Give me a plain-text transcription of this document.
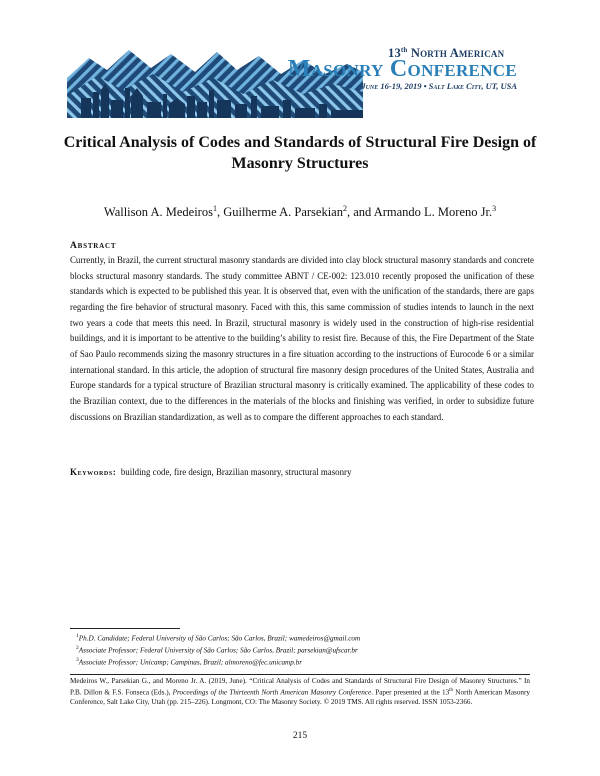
13th North American
Masonry Conference
June 16-19, 2019 • Salt Lake City, UT, USA
Critical Analysis of Codes and Standards of Structural Fire Design of Masonry Structures
Wallison A. Medeiros$^1$, Guilherme A. Parsekian$^2$, and Armando L. Moreno Jr.$^3$
Abstract
Currently, in Brazil, the current structural masonry standards are divided into clay block structural masonry standards and concrete blocks structural masonry standards. The study committee ABNT / CE-002: 123.010 recently proposed the unification of these standards which is expected to be published this year. It is observed that, even with the unification of the standards, there are gaps regarding the fire behavior of structural masonry. Faced with this, this same commission of studies intends to launch in the next two years a code that meets this need. In Brazil, structural masonry is widely used in the construction of high-rise residential buildings, and it is important to be attentive to the building’s ability to resist fire. Because of this, the Fire Department of the State of Sao Paulo recommends sizing the masonry structures in a fire situation according to the instructions of Eurocode 6 or a similar international standard. In this article, the adoption of structural fire masonry design procedures of the United States, Australia and Europe standards for a typical structure of Brazilian structural masonry is critically examined. The applicability of these codes to the Brazilian context, due to the differences in the materials of the blocks and finishing was verified, in order to subsidize future discussions on Brazilian standardization, as well as to compare the different approaches to each standard.
Keywords: building code, fire design, Brazilian masonry, structural masonry
$^1$Ph.D. Candidate; Federal University of São Carlos; São Carlos, Brazil; wamedeiros@gmail.com
$^2$Associate Professor; Federal University of São Carlos; São Carlos, Brazil; parsekian@ufscar.br
$^3$Associate Professor; Unicamp; Campinas, Brazil; almoreno@fec.unicamp.br
Medeiros W., Parsekian G., and Moreno Jr. A. (2019, June). “Critical Analysis of Codes and Standards of Structural Fire Design of Masonry Structures.” In P.B. Dillon & F.S. Fonseca (Eds.), Proceedings of the Thirteenth North American Masonry Conference. Paper presented at the 13th North American Masonry Conference, Salt Lake City, Utah (pp. 215–226). Longmont, CO: The Masonry Society. © 2019 TMS. All rights reserved. ISSN 1053-2366.
215
